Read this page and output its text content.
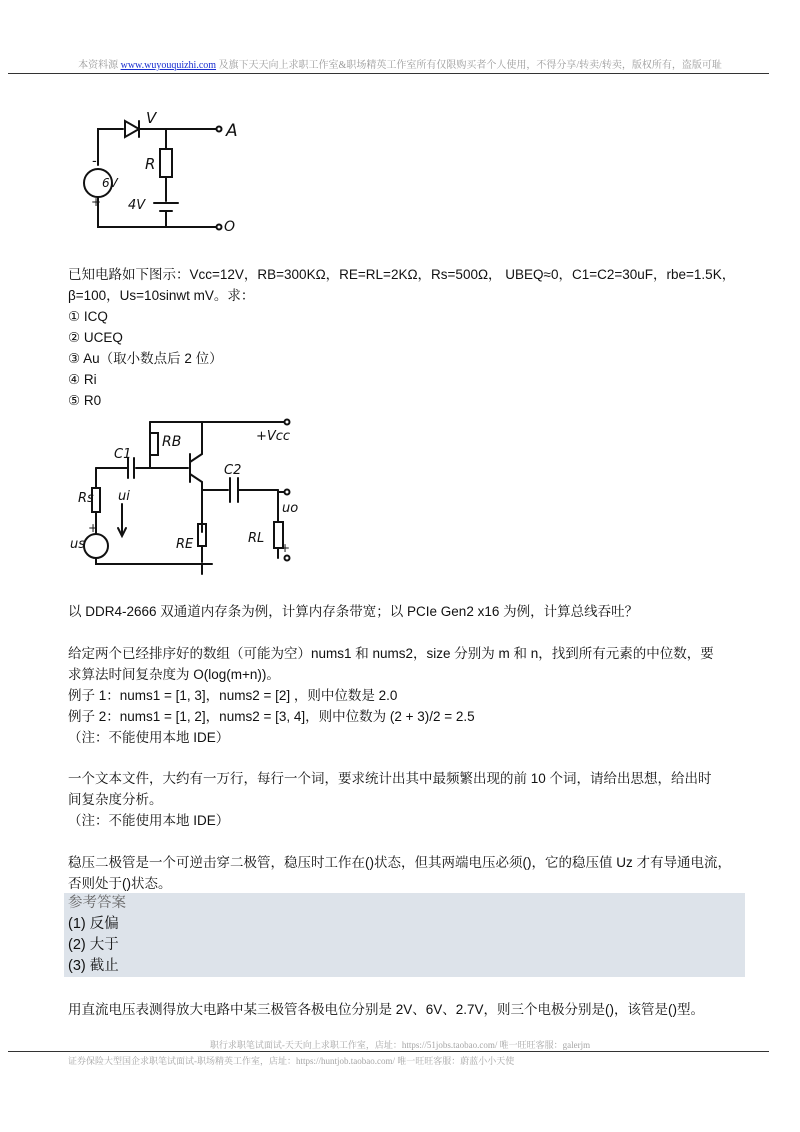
本资料源 www.wuyouquizhi.com 及旗下天天向上求职工作室&职场精英工作室所有仅限购买者个人使用，不得分享/转卖/转卖，版权所有，盗版可耻
V
A
O
R
6V
4V
-
+
已知电路如下图示：Vcc=12V，RB=300KΩ，RE=RL=2KΩ，Rs=500Ω， UBEQ≈0，C1=C2=30uF，rbe=1.5K，
β=100，Us=10sinwt mV。求：
① ICQ
② UCEQ
③ Au（取小数点后 2 位）
④ Ri
⑤ R0
+Vcc
RB
C1
C2
Rs ui
us	RE	RL
uo
+
+
以 DDR4-2666 双通道内存条为例，计算内存条带宽；以 PCIe Gen2 x16 为例，计算总线吞吐？
给定两个已经排序好的数组（可能为空）nums1 和 nums2，size 分别为 m 和 n，找到所有元素的中位数，要
求算法时间复杂度为 O(log(m+n))。
例子 1：nums1 = [1, 3]，nums2 = [2] ，则中位数是 2.0
例子 2：nums1 = [1, 2]，nums2 = [3, 4]，则中位数为 (2 + 3)/2 = 2.5
（注：不能使用本地 IDE）
一个文本文件，大约有一万行，每行一个词，要求统计出其中最频繁出现的前 10 个词，请给出思想，给出时
间复杂度分析。
（注：不能使用本地 IDE）
稳压二极管是一个可逆击穿二极管，稳压时工作在()状态，但其两端电压必须()，它的稳压值 Uz 才有导通电流，
否则处于()状态。
参考答案
(1) 反偏
(2) 大于
(3) 截止
用直流电压表测得放大电路中某三极管各极电位分别是 2V、6V、2.7V，则三个电极分别是()，该管是()型。
职行求职笔试面试-天天向上求职工作室，店址：https://51jobs.taobao.com/ 唯一旺旺客服：galerjm
证券保险大型国企求职笔试面试-职场精英工作室，店址：https://huntjob.taobao.com/ 唯一旺旺客服：蔚蓝小小天使
